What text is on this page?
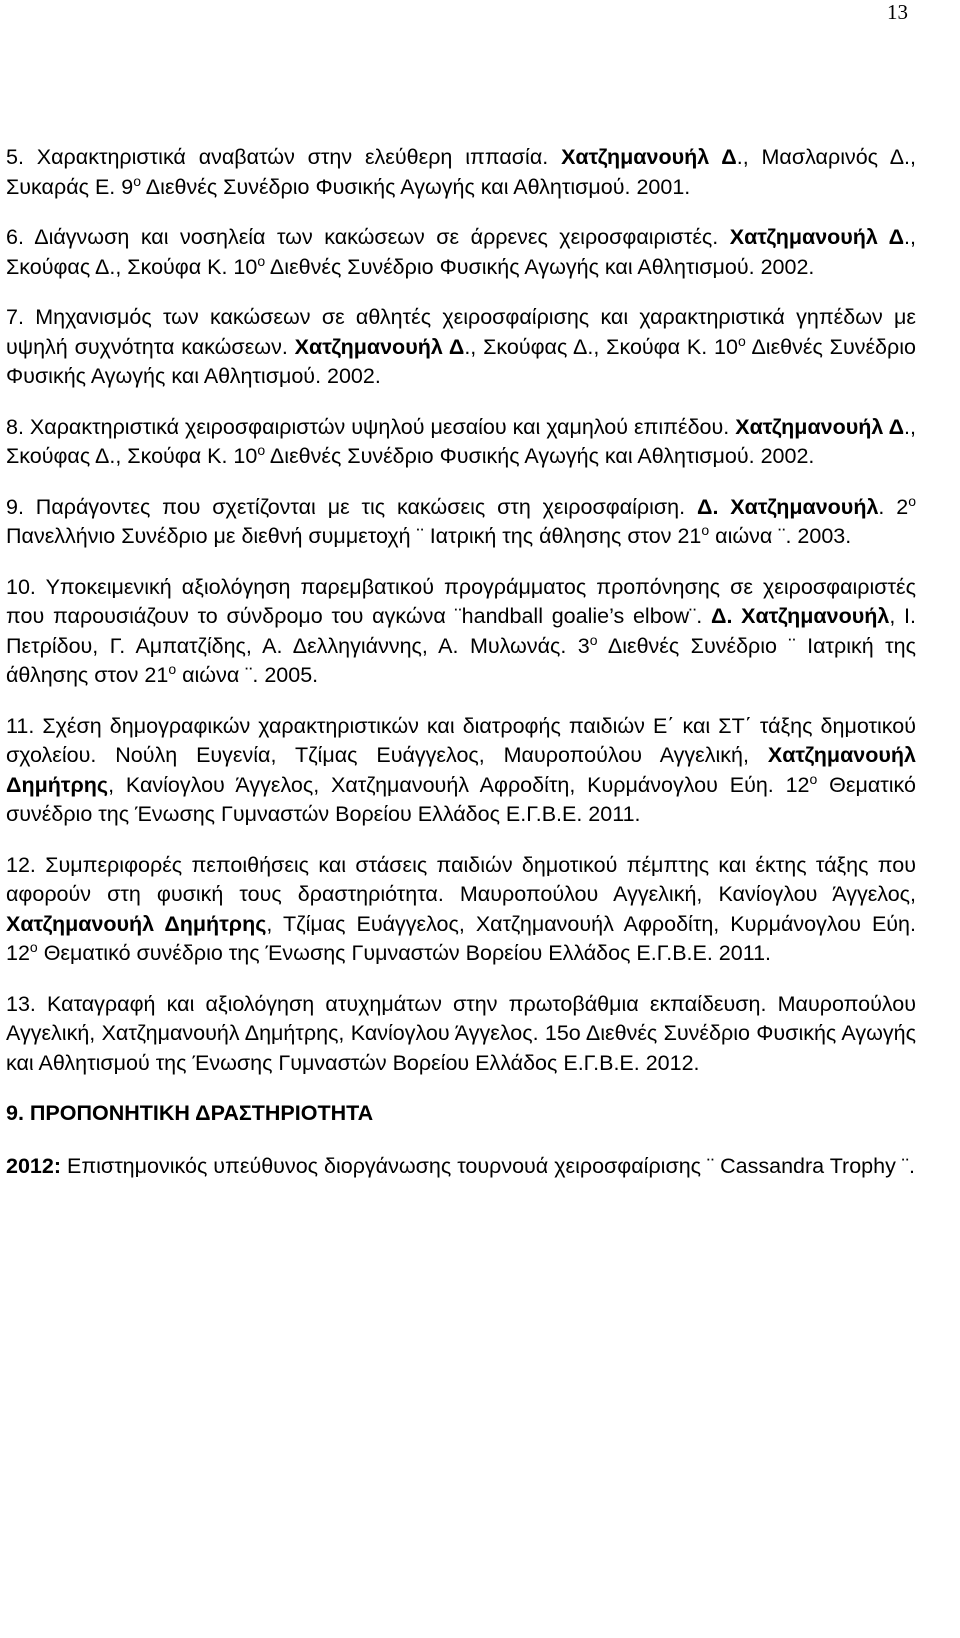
13
5. Χαρακτηριστικά αναβατών στην ελεύθερη ιππασία. Χατζημανουήλ Δ., Μασλαρινός Δ., Συκαράς Ε. $9^o$ Διεθνές Συνέδριο Φυσικής Αγωγής και Αθλητισμού. 2001.
6. Διάγνωση και νοσηλεία των κακώσεων σε άρρενες χειροσφαιριστές. Χατζημανουήλ Δ., Σκούφας Δ., Σκούφα Κ. $10^o$ Διεθνές Συνέδριο Φυσικής Αγωγής και Αθλητισμού. 2002.
7. Μηχανισμός των κακώσεων σε αθλητές χειροσφαίρισης και χαρακτηριστικά γηπέδων με υψηλή συχνότητα κακώσεων. Χατζημανουήλ Δ., Σκούφας Δ., Σκούφα Κ. $10^o$ Διεθνές Συνέδριο Φυσικής Αγωγής και Αθλητισμού. 2002.
8. Χαρακτηριστικά χειροσφαιριστών υψηλού μεσαίου και χαμηλού επιπέδου. Χατζημανουήλ Δ., Σκούφας Δ., Σκούφα Κ. $10^o$ Διεθνές Συνέδριο Φυσικής Αγωγής και Αθλητισμού. 2002.
9. Παράγοντες που σχετίζονται με τις κακώσεις στη χειροσφαίριση. Δ. Χατζημανουήλ. $2^o$ Πανελλήνιο Συνέδριο με διεθνή συμμετοχή ¨ Ιατρική της άθλησης στον $21^o$ αιώνα ¨. 2003.
10. Υποκειμενική αξιολόγηση παρεμβατικού προγράμματος προπόνησης σε χειροσφαιριστές που παρουσιάζουν το σύνδρομο του αγκώνα ¨handball goalie’s elbow¨. Δ. Χατζημανουήλ, Ι. Πετρίδου, Γ. Αμπατζίδης, Α. Δελληγιάννης, Α. Μυλωνάς. $3^o$ Διεθνές Συνέδριο ¨ Ιατρική της άθλησης στον $21^o$ αιώνα ¨. 2005.
11. Σχέση δημογραφικών χαρακτηριστικών και διατροφής παιδιών Ε΄ και ΣΤ΄ τάξης δημοτικού σχολείου. Νούλη Ευγενία, Τζίμας Ευάγγελος, Μαυροπούλου Αγγελική, Χατζημανουήλ Δημήτρης, Κανίογλου Άγγελος, Χατζημανουήλ Αφροδίτη, Κυρμάνογλου Εύη. $12^o$ Θεματικό συνέδριο της Ένωσης Γυμναστών Βορείου Ελλάδος Ε.Γ.Β.Ε. 2011.
12. Συμπεριφορές πεποιθήσεις και στάσεις παιδιών δημοτικού πέμπτης και έκτης τάξης που αφορούν στη φυσική τους δραστηριότητα. Μαυροπούλου Αγγελική, Κανίογλου Άγγελος, Χατζημανουήλ Δημήτρης, Τζίμας Ευάγγελος, Χατζημανουήλ Αφροδίτη, Κυρμάνογλου Εύη. $12^o$ Θεματικό συνέδριο της Ένωσης Γυμναστών Βορείου Ελλάδος Ε.Γ.Β.Ε. 2011.
13. Καταγραφή και αξιολόγηση ατυχημάτων στην πρωτοβάθμια εκπαίδευση. Μαυροπούλου Αγγελική, Χατζημανουήλ Δημήτρης, Κανίογλου Άγγελος. 15ο Διεθνές Συνέδριο Φυσικής Αγωγής και Αθλητισμού της Ένωσης Γυμναστών Βορείου Ελλάδος Ε.Γ.Β.Ε. 2012.
9. ΠΡΟΠΟΝΗΤΙΚΗ ΔΡΑΣΤΗΡΙΟΤΗΤΑ
2012: Επιστημονικός υπεύθυνος διοργάνωσης τουρνουά χειροσφαίρισης ¨ Cassandra Trophy ¨.
